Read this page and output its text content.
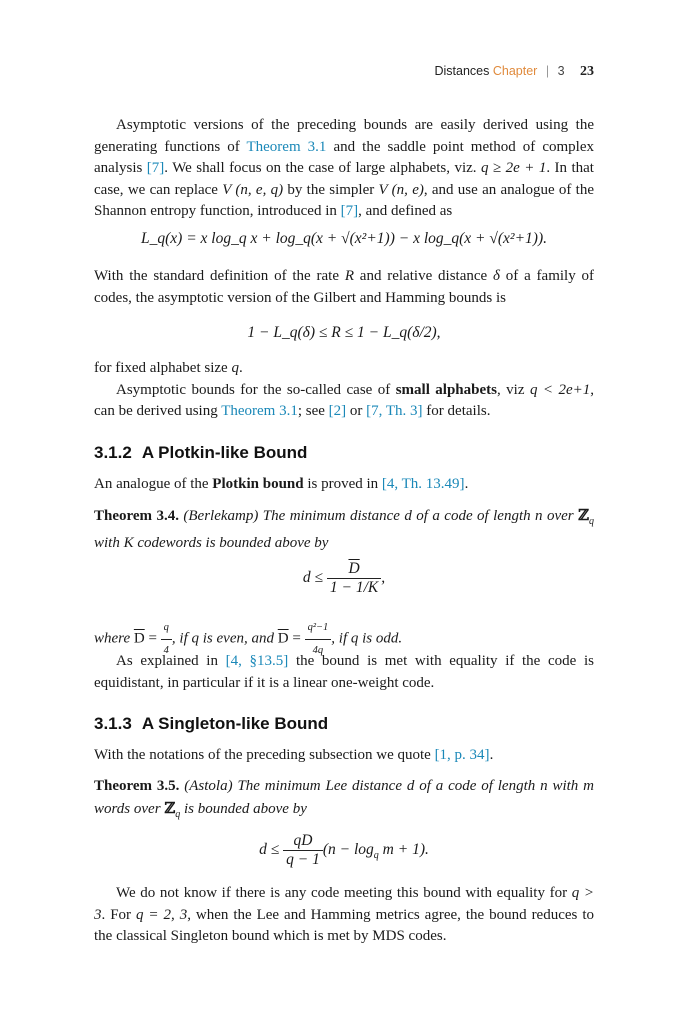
Distances Chapter | 3 23

Asymptotic versions of the preceding bounds are easily derived using the generating functions of Theorem 3.1 and the saddle point method of complex analysis [7]. We shall focus on the case of large alphabets, viz. q ≥ 2e + 1. In that case, we can replace V (n, e, q) by the simpler V (n, e), and use an analogue of the Shannon entropy function, introduced in [7], and defined as

L_q(x) = x log_q x + log_q(x + √(x²+1)) − x log_q(x + √(x²+1)).

With the standard definition of the rate R and relative distance δ of a family of codes, the asymptotic version of the Gilbert and Hamming bounds is

1 − L_q(δ) ≤ R ≤ 1 − L_q(δ/2),

for fixed alphabet size q.

Asymptotic bounds for the so-called case of small alphabets, viz q < 2e+1, can be derived using Theorem 3.1; see [2] or [7, Th. 3] for details.

3.1.2 A Plotkin-like Bound

An analogue of the Plotkin bound is proved in [4, Th. 13.49].

Theorem 3.4. (Berlekamp) The minimum distance d of a code of length n over ℤ$_q$ with K codewords is bounded above by

$d \le \frac{\overline{D}}{1 - 1/K}$ ,

where $\overline{D} = \frac{q}{4}$ , if q is even, and $\overline{D} = \frac{\text{q²−1}}{4q}$ , if q is odd.

As explained in [4, §13.5] the bound is met with equality if the code is equidistant, in particular if it is a linear one-weight code.

3.1.3 A Singleton-like Bound

With the notations of the preceding subsection we quote [1, p. 34].

Theorem 3.5. (Astola) The minimum Lee distance d of a code of length n with m words over ℤ$_q$ is bounded above by

$d \le \frac{qD}{q - 1} (n - \log_q m + 1)$.

We do not know if there is any code meeting this bound with equality for q > 3. For q = 2, 3, when the Lee and Hamming metrics agree, the bound reduces to the classical Singleton bound which is met by MDS codes.
